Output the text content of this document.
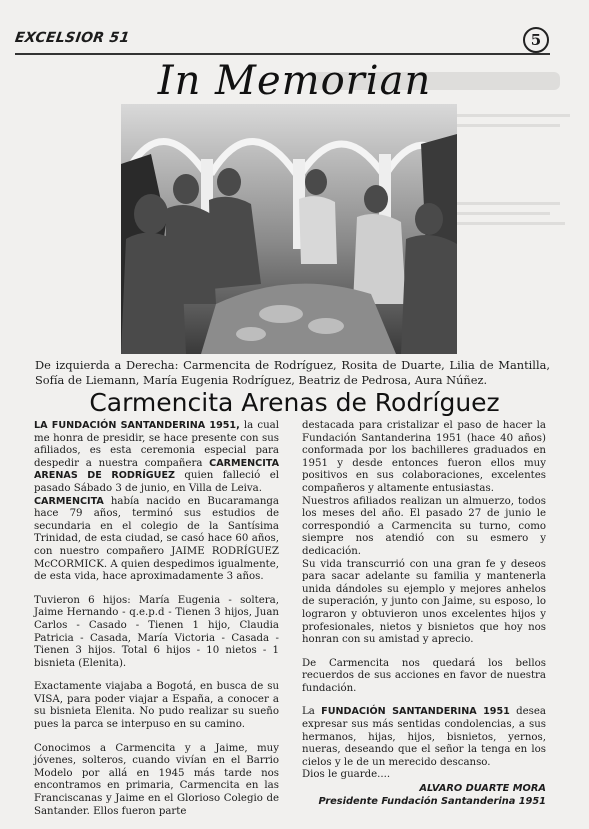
EXCELSIOR 51	5
In Memorian
De izquierda a Derecha: Carmencita de Rodríguez, Rosita de Duarte, Lilia de Mantilla, Sofía de Liemann, María Eugenia Rodríguez, Beatriz de Pedrosa, Aura Núñez.
Carmencita Arenas de Rodríguez

LA FUNDACIÓN SANTANDERINA 1951, la cual me honra de presidir, se hace presente con sus afiliados, es esta ceremonia especial para despedir a nuestra compañera CARMENCITA ARENAS DE RODRÍGUEZ quien falleció el pasado Sábado 3 de junio, en Villa de Leiva.

CARMENCITA había nacido en Bucaramanga hace 79 años, terminó sus estudios de secundaria en el colegio de la Santísima Trinidad, de esta ciudad, se casó hace 60 años, con nuestro compañero JAIME RODRÍGUEZ McCORMICK. A quien despedimos igualmente, de esta vida, hace aproximadamente 3 años.

Tuvieron 6 hijos: María Eugenia - soltera, Jaime Hernando - q.e.p.d - Tienen 3 hijos, Juan Carlos - Casado - Tienen 1 hijo, Claudia Patricia - Casada, María Victoria - Casada - Tienen 3 hijos. Total 6 hijos - 10 nietos - 1 bisnieta (Elenita).

Exactamente viajaba a Bogotá, en busca de su VISA, para poder viajar a España, a conocer a su bisnieta Elenita. No pudo realizar su sueño pues la parca se interpuso en su camino.

Conocimos a Carmencita y a Jaime, muy jóvenes, solteros, cuando vivían en el Barrio Modelo por allá en 1945 más tarde nos encontramos en primaria, Carmencita en las Franciscanas y Jaime en el Glorioso Colegio de Santander. Ellos fueron parte

destacada para cristalizar el paso de hacer la Fundación Santanderina 1951 (hace 40 años) conformada por los bachilleres graduados en 1951 y desde entonces fueron ellos muy positivos en sus colaboraciones, excelentes compañeros y altamente entusiastas.

Nuestros afiliados realizan un almuerzo, todos los meses del año. El pasado 27 de junio le correspondió a Carmencita su turno, como siempre nos atendió con su esmero y dedicación.

Su vida transcurrió con una gran fe y deseos para sacar adelante su familia y mantenerla unida dándoles su ejemplo y mejores anhelos de superación, y junto con Jaime, su esposo, lo lograron y obtuvieron unos excelentes hijos y profesionales, nietos y bisnietos que hoy nos honran con su amistad y aprecio.

De Carmencita nos quedará los bellos recuerdos de sus acciones en favor de nuestra fundación.

La FUNDACIÓN SANTANDERINA 1951 desea expresar sus más sentidas condolencias, a sus hermanos, hijas, hijos, bisnietos, yernos, nueras, deseando que el señor la tenga en los cielos y le de un merecido descanso.

Dios le guarde....

ALVARO DUARTE MORA
Presidente Fundación Santanderina 1951
